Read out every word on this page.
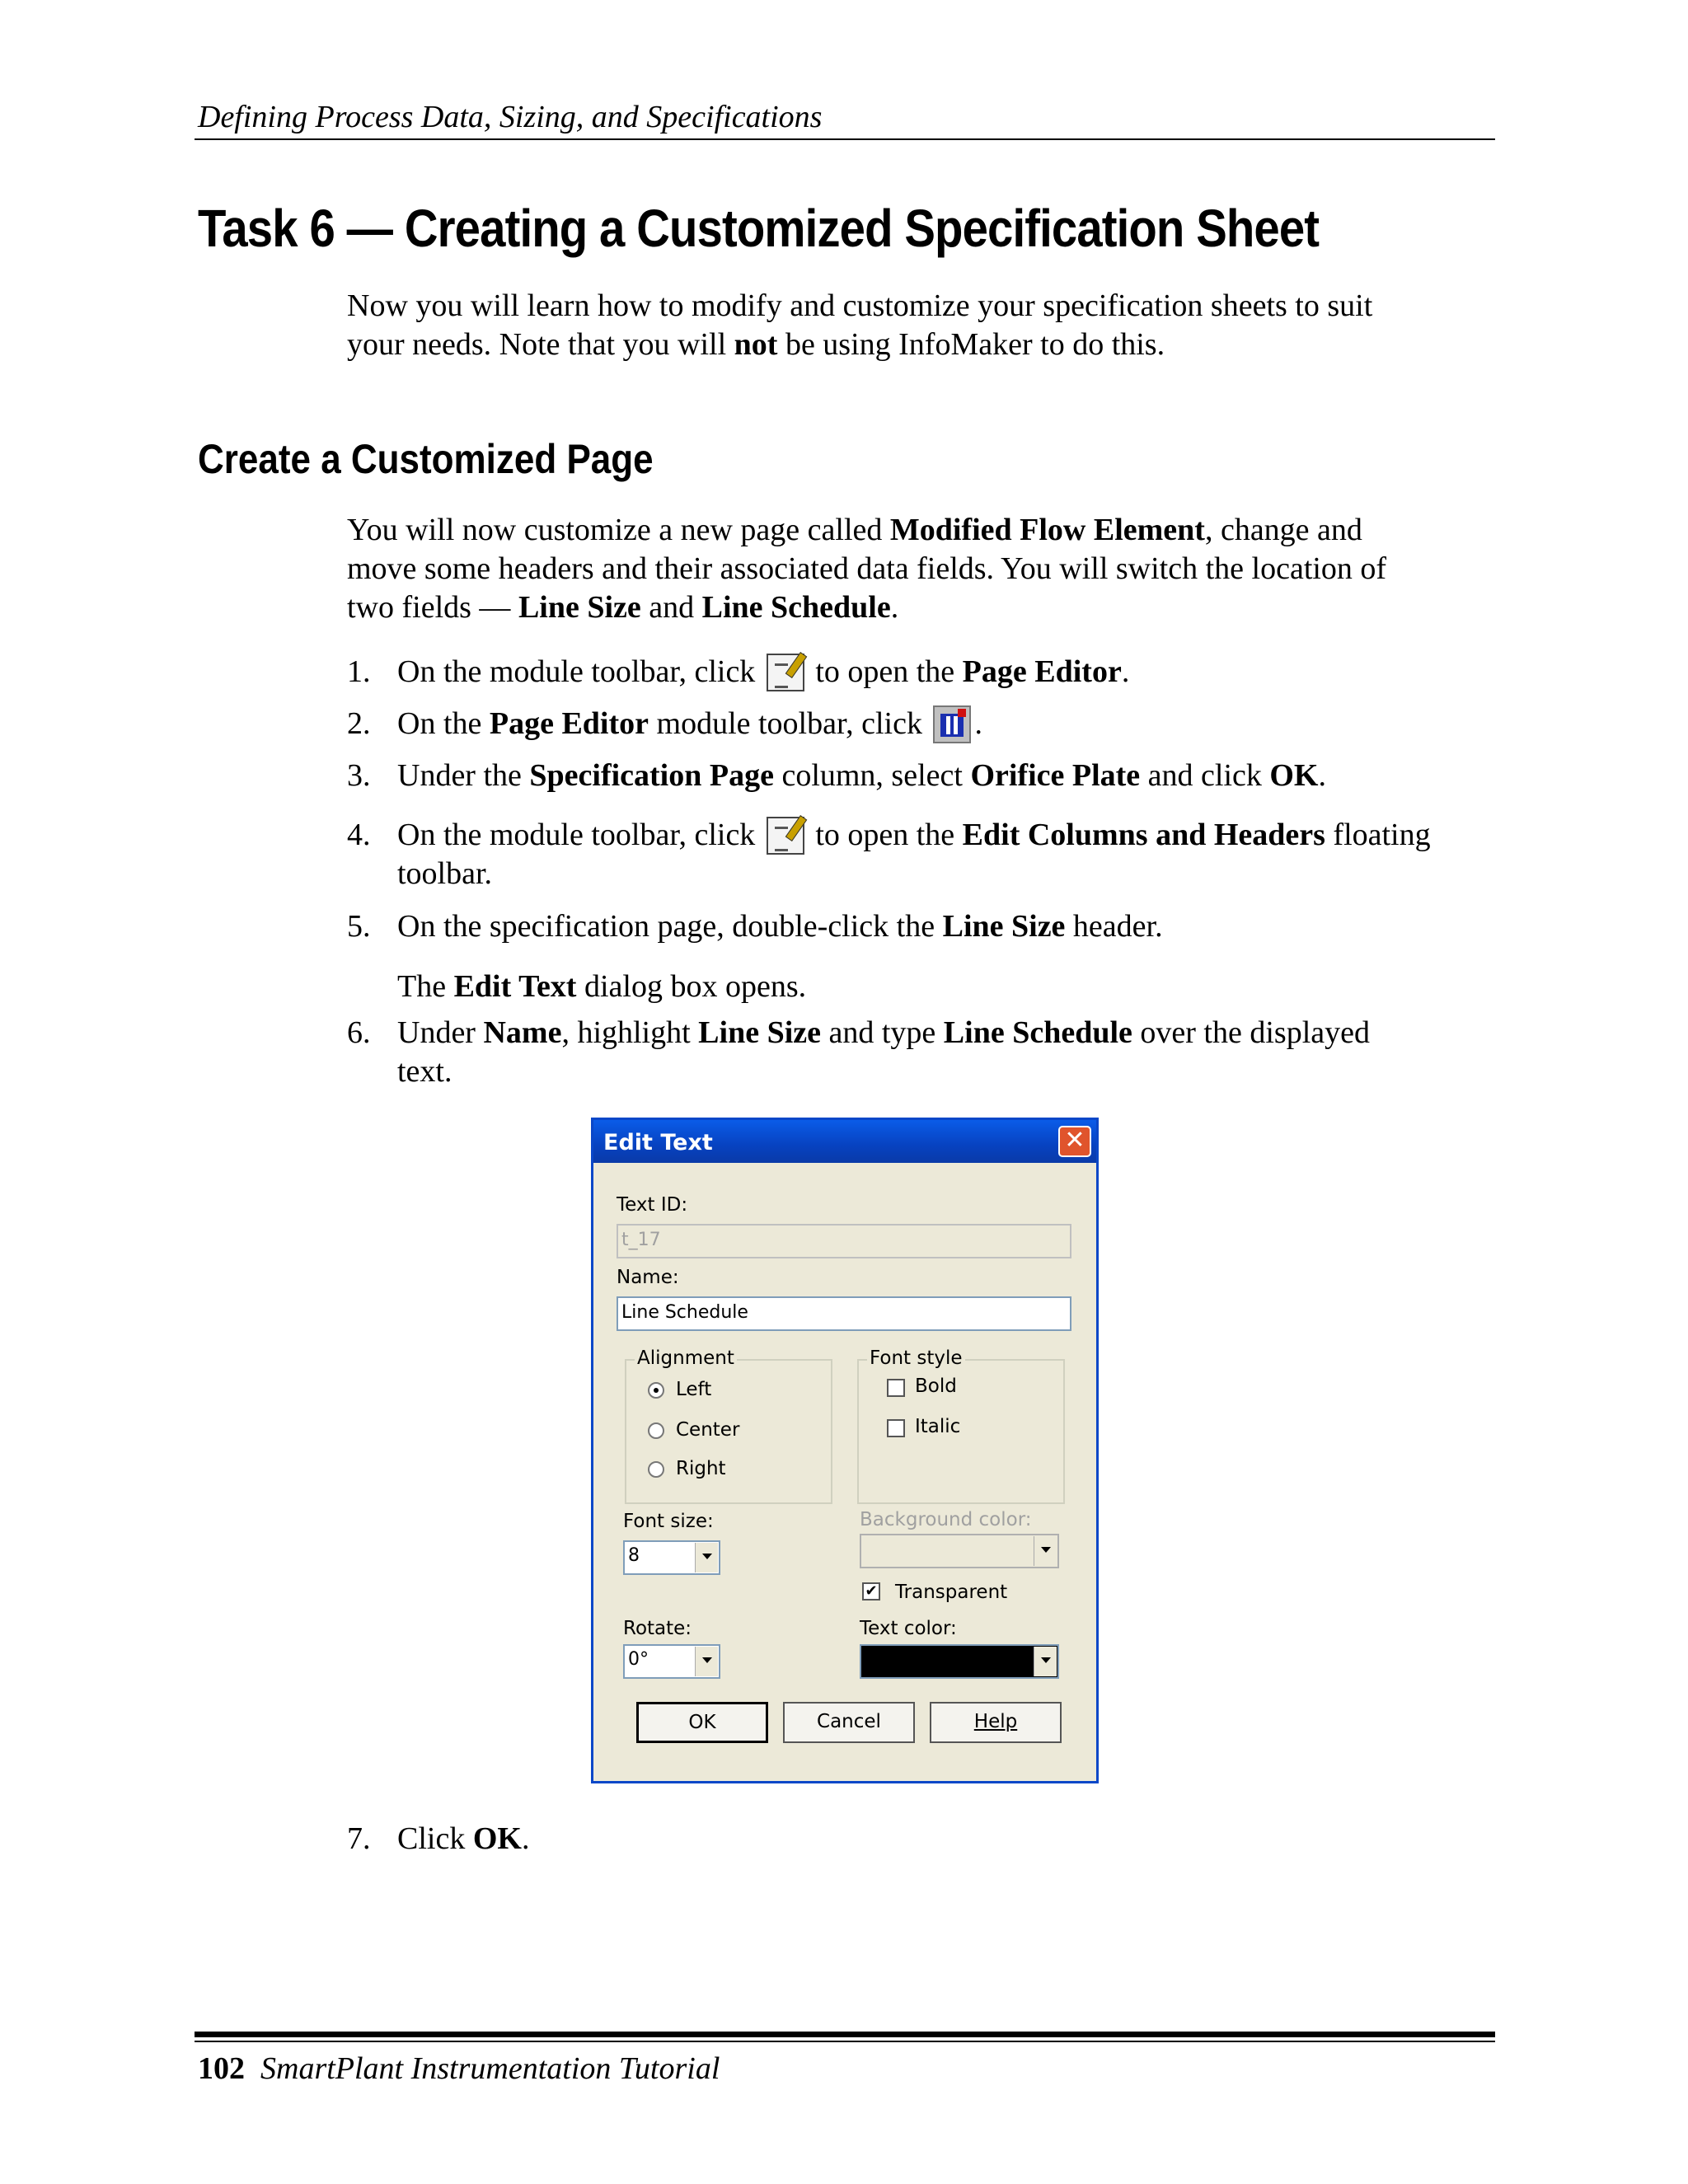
Defining Process Data, Sizing, and Specifications
Task 6 — Creating a Customized Specification Sheet
Now you will learn how to modify and customize your specification sheets to suit
your needs. Note that you will not be using InfoMaker to do this.
Create a Customized Page
You will now customize a new page called Modified Flow Element, change and
move some headers and their associated data fields. You will switch the location of
two fields — Line Size and Line Schedule.
1. On the module toolbar, click  to open the Page Editor.
2. On the Page Editor module toolbar, click .
3. Under the Specification Page column, select Orifice Plate and click OK.
4. On the module toolbar, click  to open the Edit Columns and Headers floating
toolbar.
5. On the specification page, double-click the Line Size header.
The Edit Text dialog box opens.
6. Under Name, highlight Line Size and type Line Schedule over the displayed
text.
Edit Text	✕
Text ID:
t_17
Name:
Line Schedule
Alignment
Left
Center
Right
Font style
Bold
Italic
Font size:
8
Background color:
✔ Transparent
Rotate:
0°
Text color:
OK	Cancel	Help
7. Click OK.
102 SmartPlant Instrumentation Tutorial
